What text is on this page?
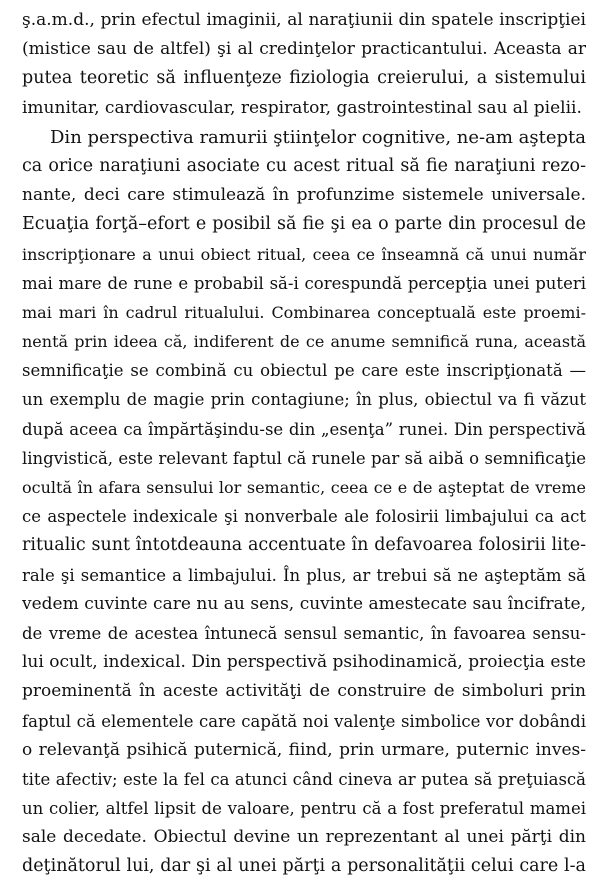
ş.a.m.d., prin efectul imaginii, al naraţiunii din spatele inscripţiei
(mistice sau de altfel) şi al credinţelor practicantului. Aceasta ar
putea teoretic să influenţeze fiziologia creierului, a sistemului
imunitar, cardiovascular, respirator, gastrointestinal sau al pielii.
Din perspectiva ramurii ştiinţelor cognitive, ne-am aştepta
ca orice naraţiuni asociate cu acest ritual să fie naraţiuni rezo-
nante, deci care stimulează în profunzime sistemele universale.
Ecuaţia forţă–efort e posibil să fie şi ea o parte din procesul de
inscripţionare a unui obiect ritual, ceea ce înseamnă că unui număr
mai mare de rune e probabil să-i corespundă percepţia unei puteri
mai mari în cadrul ritualului. Combinarea conceptuală este proemi-
nentă prin ideea că, indiferent de ce anume semnifică runa, această
semnificaţie se combină cu obiectul pe care este inscripţionată —
un exemplu de magie prin contagiune; în plus, obiectul va fi văzut
după aceea ca împărtăşindu-se din „esenţa” runei. Din perspectivă
lingvistică, este relevant faptul că runele par să aibă o semnificaţie
ocultă în afara sensului lor semantic, ceea ce e de aşteptat de vreme
ce aspectele indexicale şi nonverbale ale folosirii limbajului ca act
ritualic sunt întotdeauna accentuate în defavoarea folosirii lite-
rale şi semantice a limbajului. În plus, ar trebui să ne aşteptăm să
vedem cuvinte care nu au sens, cuvinte amestecate sau încifrate,
de vreme de acestea întunecă sensul semantic, în favoarea sensu-
lui ocult, indexical. Din perspectivă psihodinamică, proiecţia este
proeminentă în aceste activităţi de construire de simboluri prin
faptul că elementele care capătă noi valenţe simbolice vor dobândi
o relevanţă psihică puternică, fiind, prin urmare, puternic inves-
tite afectiv; este la fel ca atunci când cineva ar putea să preţuiască
un colier, altfel lipsit de valoare, pentru că a fost preferatul mamei
sale decedate. Obiectul devine un reprezentant al unei părţi din
deţinătorul lui, dar şi al unei părţi a personalităţii celui care l-a
